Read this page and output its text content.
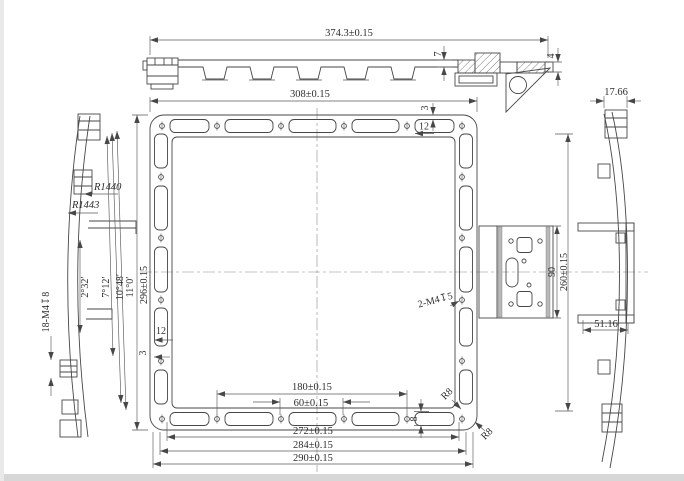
374.3±0.15
7	4
R1440
R1443
2°32′ 7°12′ 10°48′ 11°0′
18-M4↧8
308±0.15
296±0.15
3
12
12
3
8
R8
R8
2-M4↧5
180±0.15
60±0.15
272±0.15
284±0.15
290±0.15
90 260±0.15
17.66
51.16
